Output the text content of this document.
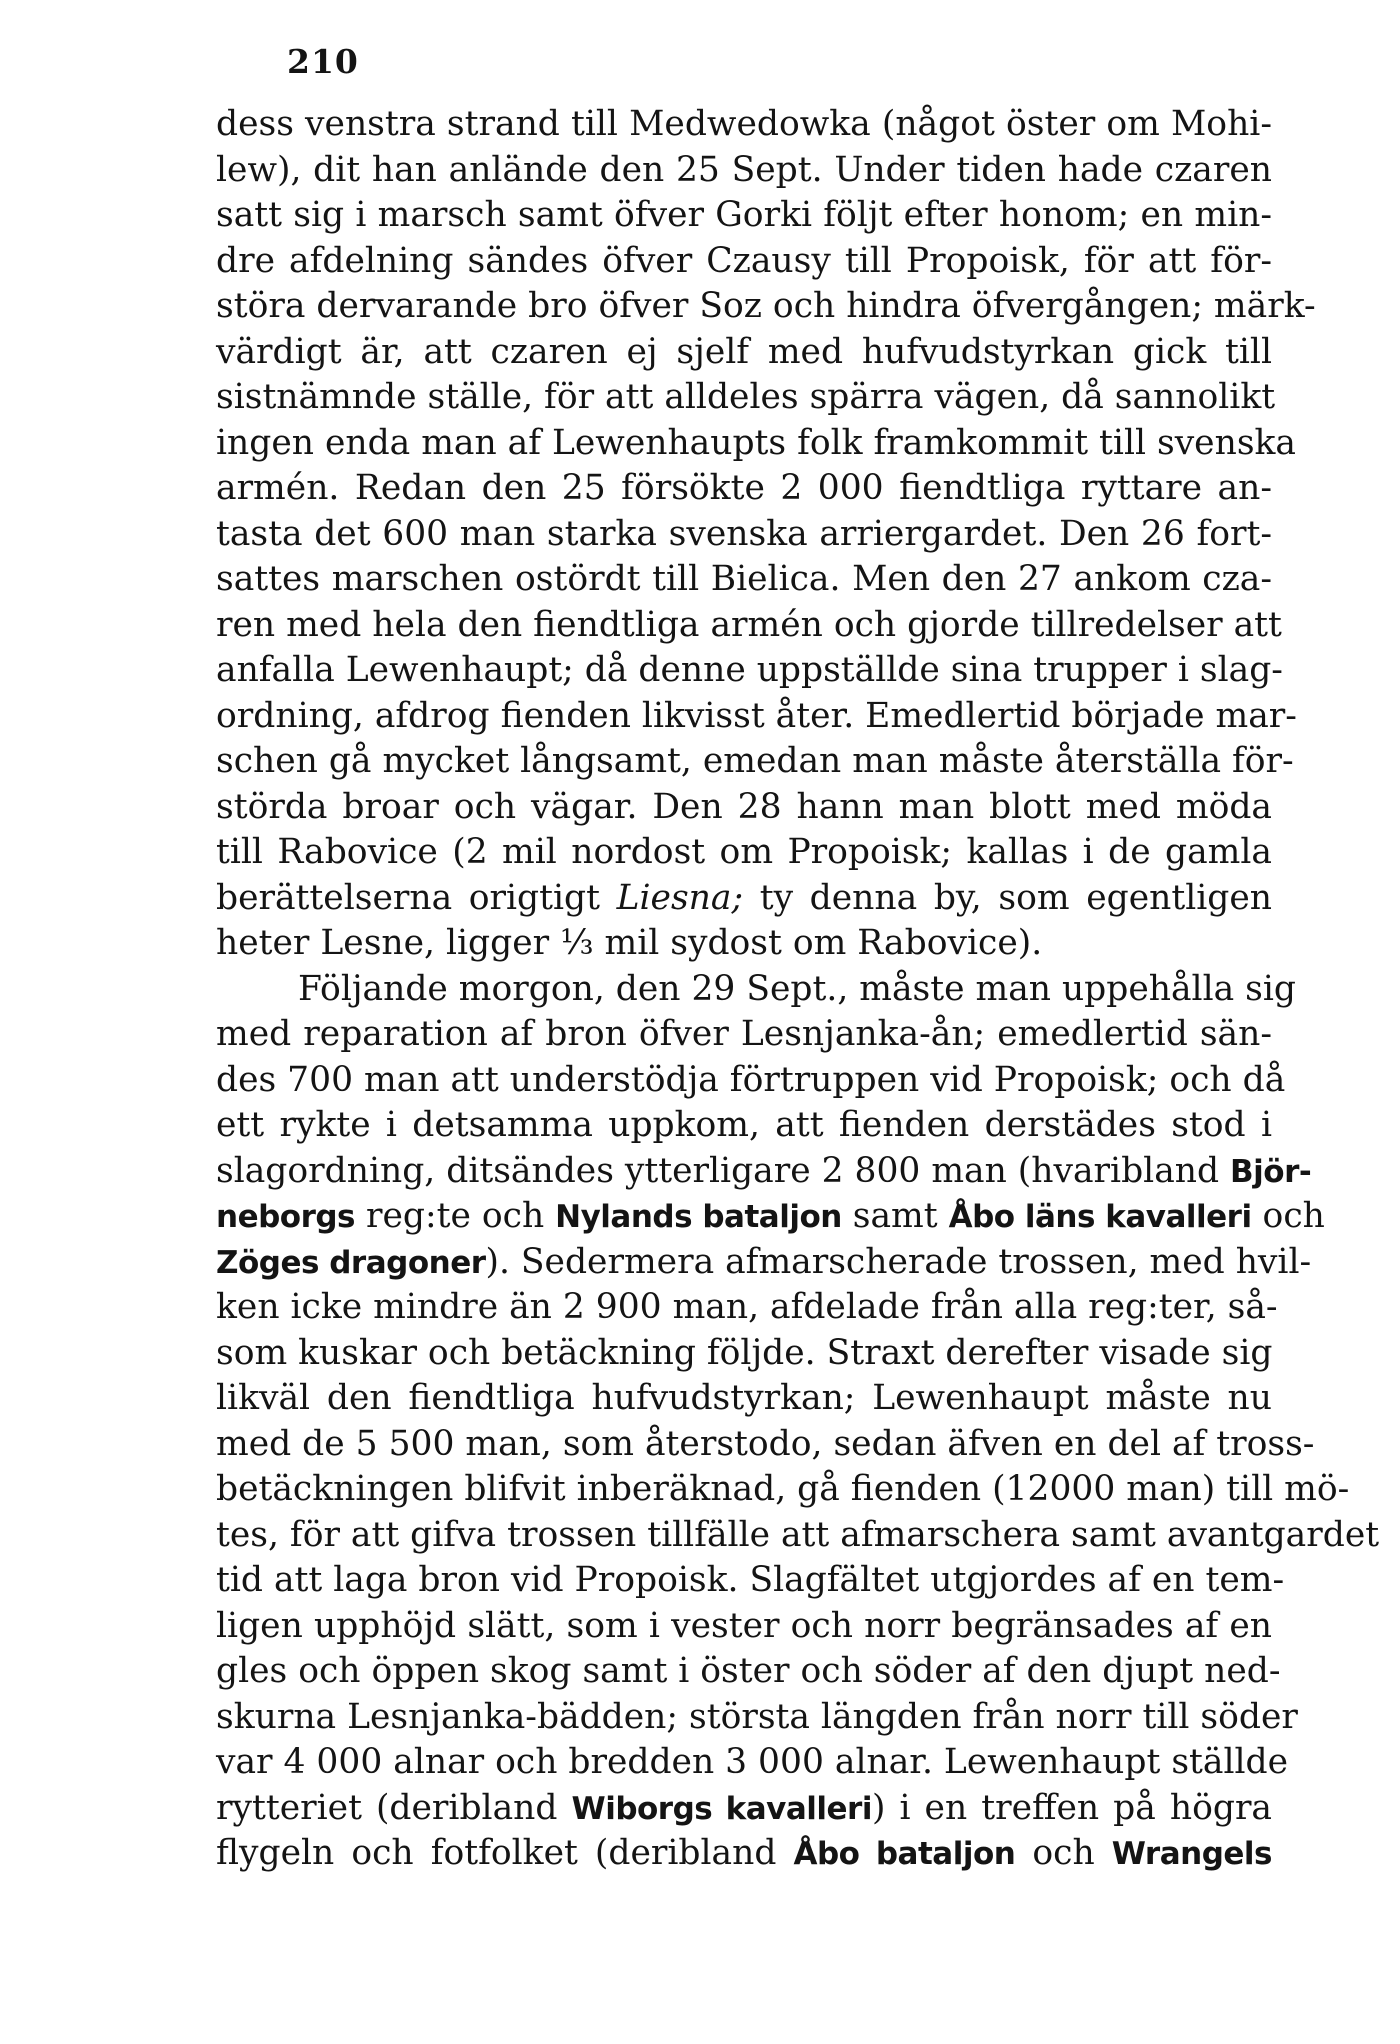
210
dess venstra strand till Medwedowka (något öster om Mohi-
lew), dit han anlände den 25 Sept. Under tiden hade czaren
satt sig i marsch samt öfver Gorki följt efter honom; en min-
dre afdelning sändes öfver Czausy till Propoisk, för att för-
störa dervarande bro öfver Soz och hindra öfvergången; märk-
värdigt är, att czaren ej sjelf med hufvudstyrkan gick till
sistnämnde ställe, för att alldeles spärra vägen, då sannolikt
ingen enda man af Lewenhaupts folk framkommit till svenska
armén. Redan den 25 försökte 2 000 fiendtliga ryttare an-
tasta det 600 man starka svenska arriergardet. Den 26 fort-
sattes marschen ostördt till Bielica. Men den 27 ankom cza-
ren med hela den fiendtliga armén och gjorde tillredelser att
anfalla Lewenhaupt; då denne uppställde sina trupper i slag-
ordning, afdrog fienden likvisst åter. Emedlertid började mar-
schen gå mycket långsamt, emedan man måste återställa för-
störda broar och vägar. Den 28 hann man blott med möda
till Rabovice (2 mil nordost om Propoisk; kallas i de gamla
berättelserna origtigt Liesna; ty denna by, som egentligen
heter Lesne, ligger ⅓ mil sydost om Rabovice).
Följande morgon, den 29 Sept., måste man uppehålla sig
med reparation af bron öfver Lesnjanka-ån; emedlertid sän-
des 700 man att understödja förtruppen vid Propoisk; och då
ett rykte i detsamma uppkom, att fienden derstädes stod i
slagordning, ditsändes ytterligare 2 800 man (hvaribland Björ-
neborgs reg:te och Nylands bataljon samt Åbo läns kavalleri och
Zöges dragoner). Sedermera afmarscherade trossen, med hvil-
ken icke mindre än 2 900 man, afdelade från alla reg:ter, så-
som kuskar och betäckning följde. Straxt derefter visade sig
likväl den fiendtliga hufvudstyrkan; Lewenhaupt måste nu
med de 5 500 man, som återstodo, sedan äfven en del af tross-
betäckningen blifvit inberäknad, gå fienden (12000 man) till mö-
tes, för att gifva trossen tillfälle att afmarschera samt avantgardet
tid att laga bron vid Propoisk. Slagfältet utgjordes af en tem-
ligen upphöjd slätt, som i vester och norr begränsades af en
gles och öppen skog samt i öster och söder af den djupt ned-
skurna Lesnjanka-bädden; största längden från norr till söder
var 4 000 alnar och bredden 3 000 alnar. Lewenhaupt ställde
rytteriet (deribland Wiborgs kavalleri) i en treffen på högra
flygeln och fotfolket (deribland Åbo bataljon och Wrangels
